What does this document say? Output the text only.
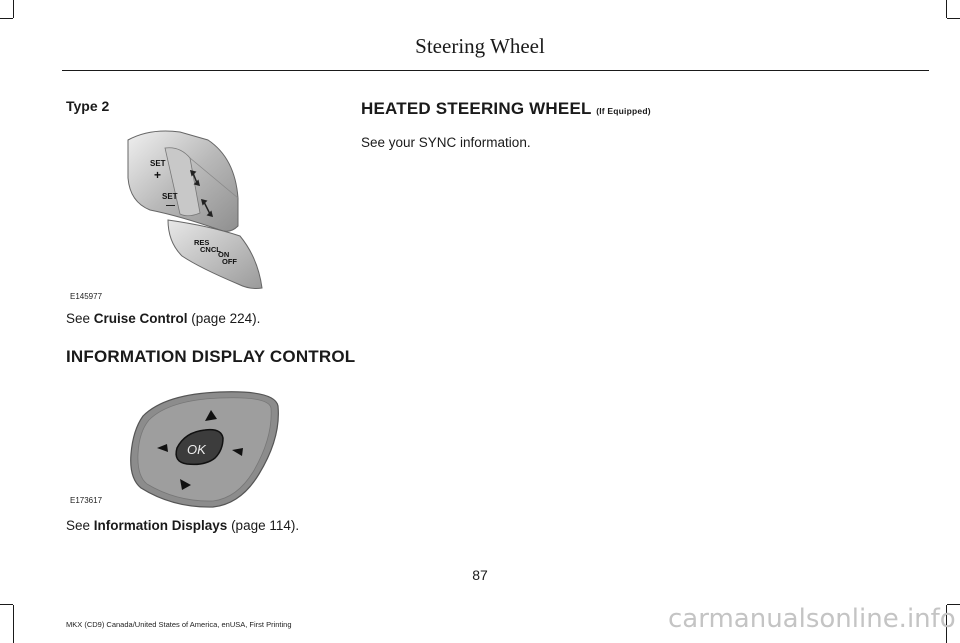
Steering Wheel
Type 2
SET
+
SET
—
RES
CNCL
ON
OFF
E145977
See Cruise Control (page 224).
INFORMATION DISPLAY CONTROL
OK
E173617
See Information Displays (page 114).
HEATED STEERING WHEEL (If Equipped)
See your SYNC information.
87
MKX (CD9) Canada/United States of America, enUSA, First Printing	carmanualsonline.info
